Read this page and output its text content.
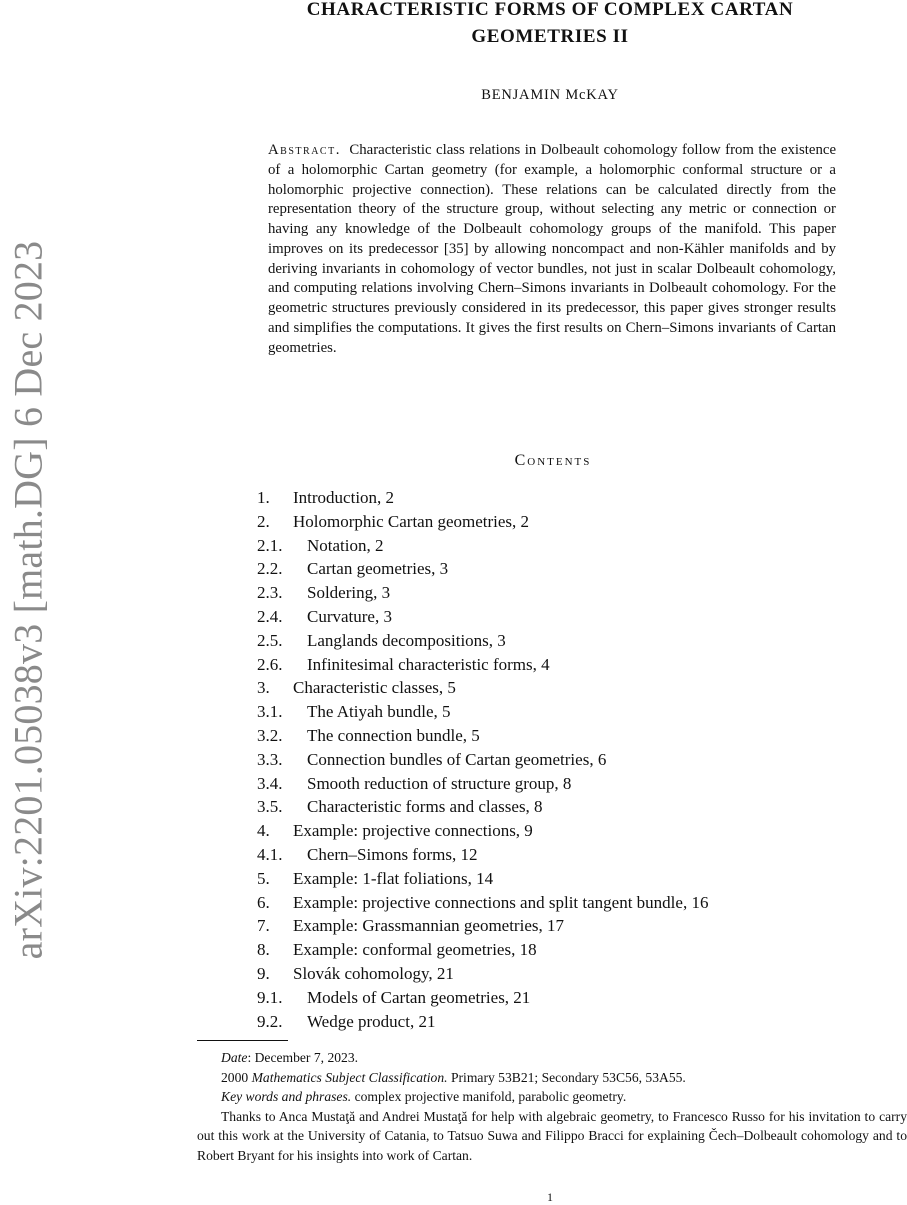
arXiv:2201.05038v3 [math.DG] 6 Dec 2023
CHARACTERISTIC FORMS OF COMPLEX CARTAN
GEOMETRIES II
BENJAMIN McKAY
Abstract. Characteristic class relations in Dolbeault cohomology follow from the existence of a holomorphic Cartan geometry (for example, a holomorphic conformal structure or a holomorphic projective connection). These relations can be calculated directly from the representation theory of the structure group, without selecting any metric or connection or having any knowledge of the Dolbeault cohomology groups of the manifold. This paper improves on its predecessor [35] by allowing noncompact and non-Kähler manifolds and by deriving invariants in cohomology of vector bundles, not just in scalar Dolbeault cohomology, and computing relations involving Chern–Simons invariants in Dolbeault cohomology. For the geometric structures previously considered in its predecessor, this paper gives stronger results and simplifies the computations. It gives the first results on Chern–Simons invariants of Cartan geometries.
Contents
1. Introduction, 2
2. Holomorphic Cartan geometries, 2
2.1. Notation, 2
2.2. Cartan geometries, 3
2.3. Soldering, 3
2.4. Curvature, 3
2.5. Langlands decompositions, 3
2.6. Infinitesimal characteristic forms, 4
3. Characteristic classes, 5
3.1. The Atiyah bundle, 5
3.2. The connection bundle, 5
3.3. Connection bundles of Cartan geometries, 6
3.4. Smooth reduction of structure group, 8
3.5. Characteristic forms and classes, 8
4. Example: projective connections, 9
4.1. Chern–Simons forms, 12
5. Example: 1-flat foliations, 14
6. Example: projective connections and split tangent bundle, 16
7. Example: Grassmannian geometries, 17
8. Example: conformal geometries, 18
9. Slovák cohomology, 21
9.1. Models of Cartan geometries, 21
9.2. Wedge product, 21

Date: December 7, 2023.

2000 Mathematics Subject Classification. Primary 53B21; Secondary 53C56, 53A55.

Key words and phrases. complex projective manifold, parabolic geometry.

Thanks to Anca Mustaţă and Andrei Mustaţă for help with algebraic geometry, to Francesco Russo for his invitation to carry out this work at the University of Catania, to Tatsuo Suwa and Filippo Bracci for explaining Čech–Dolbeault cohomology and to Robert Bryant for his insights into work of Cartan.

1
